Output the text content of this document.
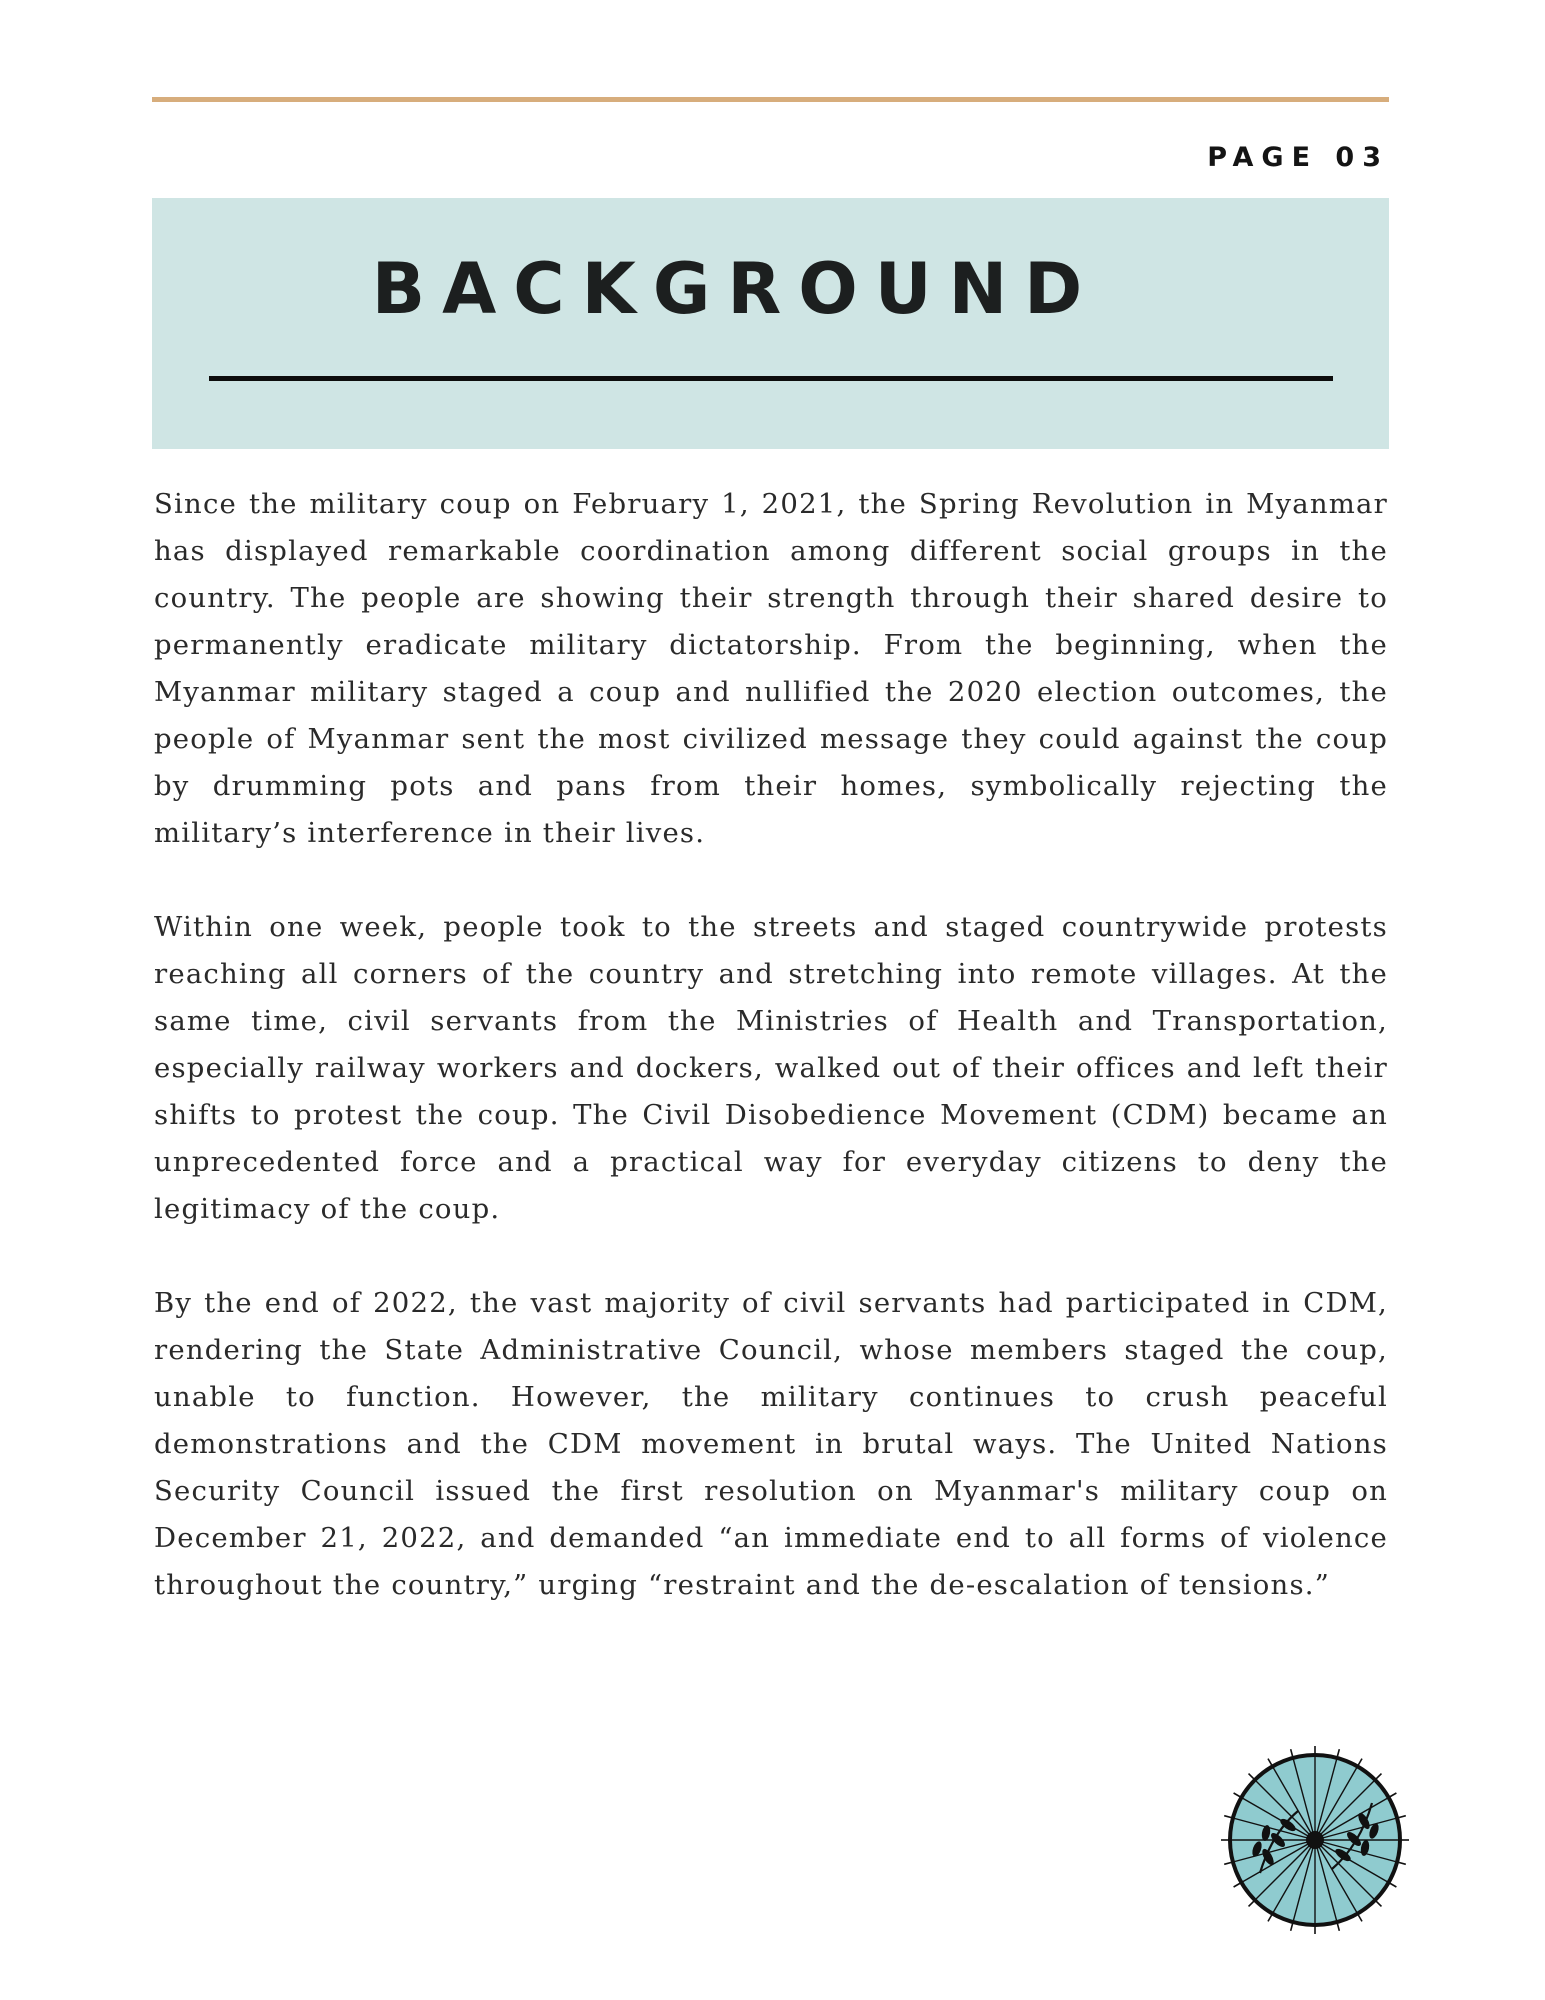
PAGE 03
BACKGROUND

Since the military coup on February 1, 2021, the Spring Revolution in Myanmar has displayed remarkable coordination among different social groups in the country. The people are showing their strength through their shared desire to permanently eradicate military dictatorship. From the beginning, when the Myanmar military staged a coup and nullified the 2020 election outcomes, the people of Myanmar sent the most civilized message they could against the coup by drumming pots and pans from their homes, symbolically rejecting the military’s interference in their lives.

Within one week, people took to the streets and staged countrywide protests reaching all corners of the country and stretching into remote villages. At the same time, civil servants from the Ministries of Health and Transportation, especially railway workers and dockers, walked out of their offices and left their shifts to protest the coup. The Civil Disobedience Movement (CDM) became an unprecedented force and a practical way for everyday citizens to deny the legitimacy of the coup.

By the end of 2022, the vast majority of civil servants had participated in CDM, rendering the State Administrative Council, whose members staged the coup, unable to function. However, the military continues to crush peaceful demonstrations and the CDM movement in brutal ways. The United Nations Security Council issued the first resolution on Myanmar's military coup on December 21, 2022, and demanded “an immediate end to all forms of violence throughout the country,” urging “restraint and the de-escalation of tensions.”
